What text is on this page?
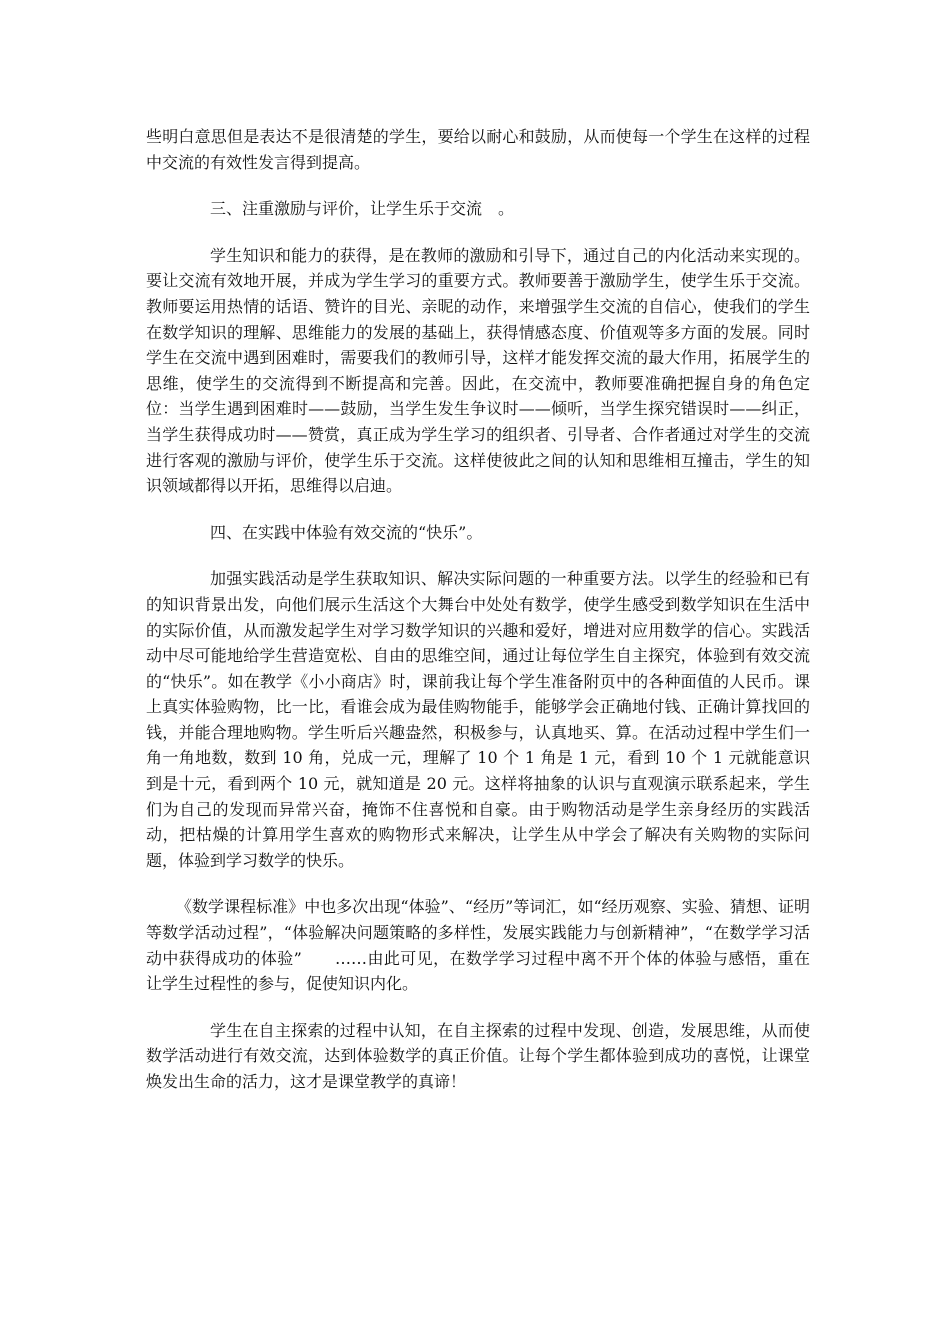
些明白意思但是表达不是很清楚的学生，要给以耐心和鼓励，从而使每一个学生在这样的过程中交流的有效性发言得到提高。

三、注重激励与评价，让学生乐于交流　。

学生知识和能力的获得，是在教师的激励和引导下，通过自己的内化活动来实现的。要让交流有效地开展，并成为学生学习的重要方式。教师要善于激励学生，使学生乐于交流。教师要运用热情的话语、赞许的目光、亲昵的动作，来增强学生交流的自信心，使我们的学生在数学知识的理解、思维能力的发展的基础上，获得情感态度、价值观等多方面的发展。同时学生在交流中遇到困难时，需要我们的教师引导，这样才能发挥交流的最大作用，拓展学生的思维，使学生的交流得到不断提高和完善。因此，在交流中，教师要准确把握自身的角色定位：当学生遇到困难时——鼓励，当学生发生争议时——倾听，当学生探究错误时——纠正，当学生获得成功时——赞赏，真正成为学生学习的组织者、引导者、合作者通过对学生的交流进行客观的激励与评价，使学生乐于交流。这样使彼此之间的认知和思维相互撞击，学生的知识领域都得以开拓，思维得以启迪。

四、在实践中体验有效交流的“快乐”。

加强实践活动是学生获取知识、解决实际问题的一种重要方法。以学生的经验和已有的知识背景出发，向他们展示生活这个大舞台中处处有数学，使学生感受到数学知识在生活中的实际价值，从而激发起学生对学习数学知识的兴趣和爱好，增进对应用数学的信心。实践活动中尽可能地给学生营造宽松、自由的思维空间，通过让每位学生自主探究，体验到有效交流的“快乐”。如在教学《小小商店》时，课前我让每个学生准备附页中的各种面值的人民币。课上真实体验购物，比一比，看谁会成为最佳购物能手，能够学会正确地付钱、正确计算找回的钱，并能合理地购物。学生听后兴趣盎然，积极参与，认真地买、算。在活动过程中学生们一角一角地数，数到 10 角，兑成一元，理解了 10 个 1 角是 1 元，看到 10 个 1 元就能意识到是十元，看到两个 10 元，就知道是 20 元。这样将抽象的认识与直观演示联系起来，学生们为自己的发现而异常兴奋，掩饰不住喜悦和自豪。由于购物活动是学生亲身经历的实践活动，把枯燥的计算用学生喜欢的购物形式来解决，让学生从中学会了解决有关购物的实际问题，体验到学习数学的快乐。

《数学课程标准》中也多次出现“体验”、“经历”等词汇，如“经历观察、实验、猜想、证明等数学活动过程”，“体验解决问题策略的多样性，发展实践能力与创新精神”，“在数学学习活动中获得成功的体验”　　……由此可见，在数学学习过程中离不开个体的体验与感悟，重在让学生过程性的参与，促使知识内化。

学生在自主探索的过程中认知，在自主探索的过程中发现、创造，发展思维，从而使数学活动进行有效交流，达到体验数学的真正价值。让每个学生都体验到成功的喜悦，让课堂焕发出生命的活力，这才是课堂教学的真谛！
